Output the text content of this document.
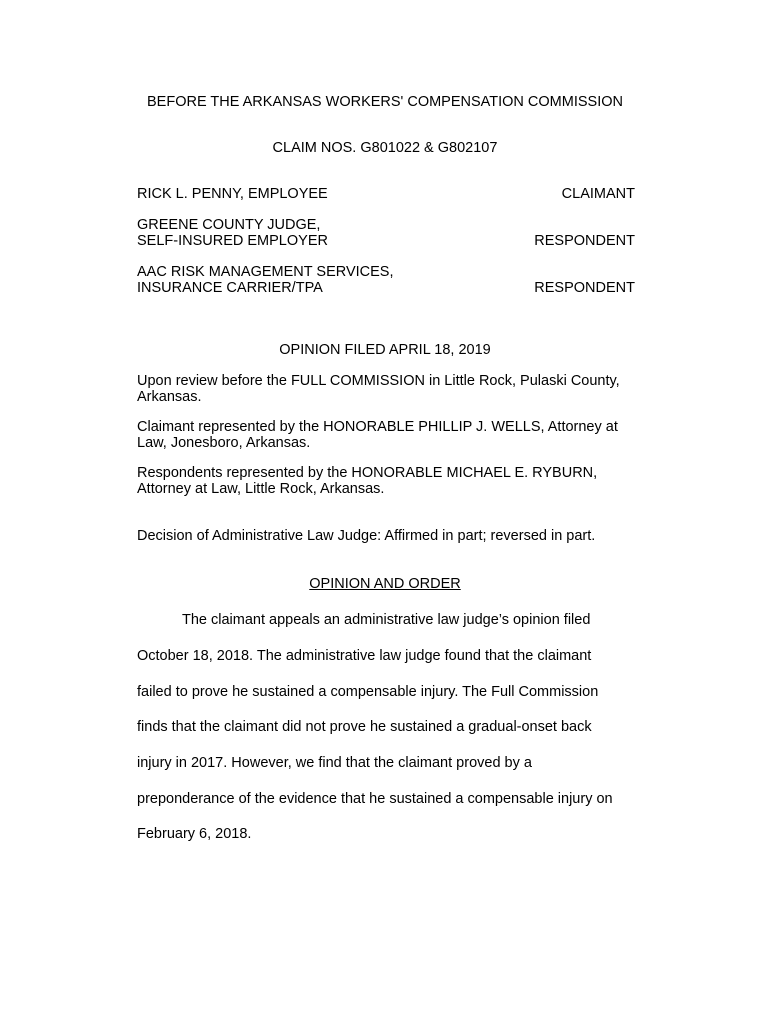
BEFORE THE ARKANSAS WORKERS' COMPENSATION COMMISSION
CLAIM NOS. G801022 & G802107
RICK L. PENNY, EMPLOYEE	CLAIMANT
GREENE COUNTY JUDGE,
SELF-INSURED EMPLOYER	RESPONDENT
AAC RISK MANAGEMENT SERVICES,
INSURANCE CARRIER/TPA	RESPONDENT
OPINION FILED APRIL 18, 2019
Upon review before the FULL COMMISSION in Little Rock, Pulaski County,
Arkansas.
Claimant represented by the HONORABLE PHILLIP J. WELLS, Attorney at
Law, Jonesboro, Arkansas.
Respondents represented by the HONORABLE MICHAEL E. RYBURN,
Attorney at Law, Little Rock, Arkansas.
Decision of Administrative Law Judge: Affirmed in part; reversed in part.
OPINION AND ORDER
The claimant appeals an administrative law judge’s opinion filed
October 18, 2018. The administrative law judge found that the claimant
failed to prove he sustained a compensable injury. The Full Commission
finds that the claimant did not prove he sustained a gradual-onset back
injury in 2017. However, we find that the claimant proved by a
preponderance of the evidence that he sustained a compensable injury on
February 6, 2018.
